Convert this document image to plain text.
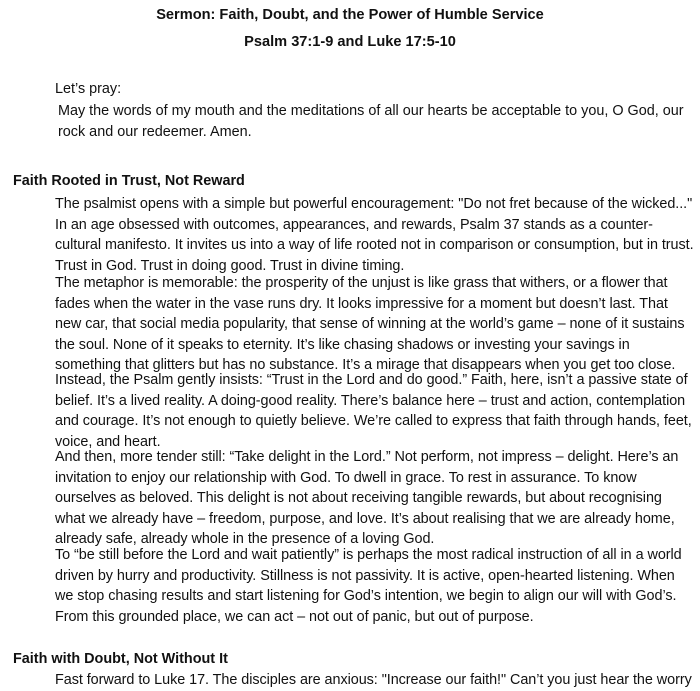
Sermon: Faith, Doubt, and the Power of Humble Service
Psalm 37:1-9 and Luke 17:5-10
Let’s pray:
May the words of my mouth and the meditations of all our hearts be acceptable to you, O God, our rock and our redeemer. Amen.
Faith Rooted in Trust, Not Reward

The psalmist opens with a simple but powerful encouragement: "Do not fret because of the wicked..." In an age obsessed with outcomes, appearances, and rewards, Psalm 37 stands as a counter-cultural manifesto. It invites us into a way of life rooted not in comparison or consumption, but in trust. Trust in God. Trust in doing good. Trust in divine timing.

The metaphor is memorable: the prosperity of the unjust is like grass that withers, or a flower that fades when the water in the vase runs dry. It looks impressive for a moment but doesn’t last. That new car, that social media popularity, that sense of winning at the world’s game – none of it sustains the soul. None of it speaks to eternity. It’s like chasing shadows or investing your savings in something that glitters but has no substance. It’s a mirage that disappears when you get too close.

Instead, the Psalm gently insists: “Trust in the Lord and do good.” Faith, here, isn’t a passive state of belief. It’s a lived reality. A doing-good reality. There’s balance here – trust and action, contemplation and courage. It’s not enough to quietly believe. We’re called to express that faith through hands, feet, voice, and heart.

And then, more tender still: “Take delight in the Lord.” Not perform, not impress – delight. Here’s an invitation to enjoy our relationship with God. To dwell in grace. To rest in assurance. To know ourselves as beloved. This delight is not about receiving tangible rewards, but about recognising what we already have – freedom, purpose, and love. It’s about realising that we are already home, already safe, already whole in the presence of a loving God.

To “be still before the Lord and wait patiently” is perhaps the most radical instruction of all in a world driven by hurry and productivity. Stillness is not passivity. It is active, open-hearted listening. When we stop chasing results and start listening for God’s intention, we begin to align our will with God’s. From this grounded place, we can act – not out of panic, but out of purpose.

Faith with Doubt, Not Without It

Fast forward to Luke 17. The disciples are anxious: "Increase our faith!" Can’t you just hear the worry
